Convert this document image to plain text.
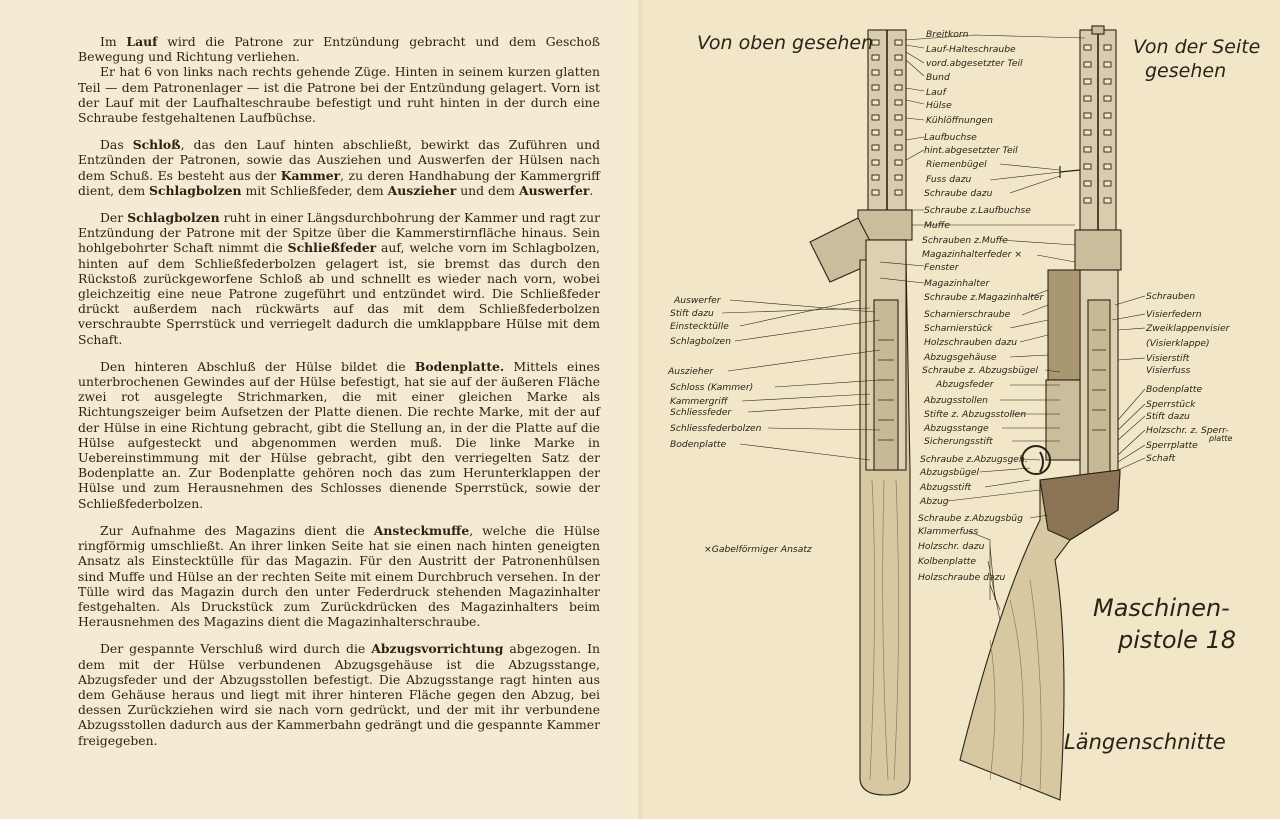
Im Lauf wird die Patrone zur Entzündung gebracht und dem Geschoß Bewegung und Richtung verliehen.

Er hat 6 von links nach rechts gehende Züge. Hinten in seinem kurzen glatten Teil — dem Patronenlager — ist die Patrone bei der Entzündung gelagert. Vorn ist der Lauf mit der Laufhalteschraube befestigt und ruht hinten in der durch eine Schraube festgehaltenen Laufbüchse.

Das Schloß, das den Lauf hinten abschließt, bewirkt das Zuführen und Entzünden der Patronen, sowie das Ausziehen und Auswerfen der Hülsen nach dem Schuß. Es besteht aus der Kammer, zu deren Handhabung der Kammergriff dient, dem Schlagbolzen mit Schließfeder, dem Auszieher und dem Auswerfer.

Der Schlagbolzen ruht in einer Längsdurchbohrung der Kammer und ragt zur Entzündung der Patrone mit der Spitze über die Kammerstirnfläche hinaus. Sein hohlgebohrter Schaft nimmt die Schließfeder auf, welche vorn im Schlagbolzen, hinten auf dem Schließfederbolzen gelagert ist, sie bremst das durch den Rückstoß zurückgeworfene Schloß ab und schnellt es wieder nach vorn, wobei gleichzeitig eine neue Patrone zugeführt und entzündet wird. Die Schließfeder drückt außerdem nach rückwärts auf das mit dem Schließfederbolzen verschraubte Sperrstück und verriegelt dadurch die umklappbare Hülse mit dem Schaft.

Den hinteren Abschluß der Hülse bildet die Bodenplatte. Mittels eines unterbrochenen Gewindes auf der Hülse befestigt, hat sie auf der äußeren Fläche zwei rot ausgelegte Strichmarken, die mit einer gleichen Marke als Richtungszeiger beim Aufsetzen der Platte dienen. Die rechte Marke, mit der auf der Hülse in eine Richtung gebracht, gibt die Stellung an, in der die Platte auf die Hülse aufgesteckt und abgenommen werden muß. Die linke Marke in Uebereinstimmung mit der Hülse gebracht, gibt den verriegelten Satz der Bodenplatte an. Zur Bodenplatte gehören noch das zum Herunterklappen der Hülse und zum Herausnehmen des Schlosses dienende Sperrstück, sowie der Schließfederbolzen.

Zur Aufnahme des Magazins dient die Ansteckmuffe, welche die Hülse ringförmig umschließt. An ihrer linken Seite hat sie einen nach hinten geneigten Ansatz als Einstecktülle für das Magazin. Für den Austritt der Patronenhülsen sind Muffe und Hülse an der rechten Seite mit einem Durchbruch versehen. In der Tülle wird das Magazin durch den unter Federdruck stehenden Magazinhalter festgehalten. Als Druckstück zum Zurückdrücken des Magazinhalters beim Herausnehmen des Magazins dient die Magazinhalterschraube.

Der gespannte Verschluß wird durch die Abzugsvorrichtung abgezogen. In dem mit der Hülse verbundenen Abzugsgehäuse ist die Abzugsstange, Abzugsfeder und der Abzugsstollen befestigt. Die Abzugsstange ragt hinten aus dem Gehäuse heraus und liegt mit ihrer hinteren Fläche gegen den Abzug, bei dessen Zurückziehen wird sie nach vorn gedrückt, und der mit ihr verbundene Abzugsstollen dadurch aus der Kammerbahn gedrängt und die gespannte Kammer freigegeben.

Von oben gesehen	Von der Seite
gesehen
Maschinen-
pistole 18
Längenschnitte
×Gabelförmiger Ansatz
Breitkorn
Lauf-Halteschraube
vord.abgesetzter Teil
Bund
Lauf
Hülse
Kühlöffnungen
Laufbuchse
hint.abgesetzter Teil
Riemenbügel
Fuss dazu
Schraube dazu
Schraube z.Laufbuchse
Muffe
Schrauben z.Muffe
Magazinhalterfeder ×
Fenster
Magazinhalter
Schraube z.Magazinhalter
Scharnierschraube
Scharnierstück
Holzschrauben dazu
Abzugsgehäuse
Schraube z. Abzugsbügel
Abzugsfeder
Abzugsstollen
Stifte z. Abzugsstollen
Abzugsstange
Sicherungsstift
Schraube z.Abzugsgeh.
Abzugsbügel
Abzugsstift
Abzug
Schraube z.Abzugsbüg
Klammerfuss
Holzschr. dazu
Kolbenplatte
Holzschraube dazu
Auswerfer
Stift dazu
Einstecktülle
Schlagbolzen
Auszieher
Schloss (Kammer)
Kammergriff
Schliessfeder
Schliessfederbolzen
Bodenplatte
Schrauben
Visierfedern
Zweiklappenvisier
(Visierklappe)
Visierstift
Visierfuss
Bodenplatte
Sperrstück
Stift dazu
Holzschr. z. Sperr-
Sperrplatte
platte
Schaft
